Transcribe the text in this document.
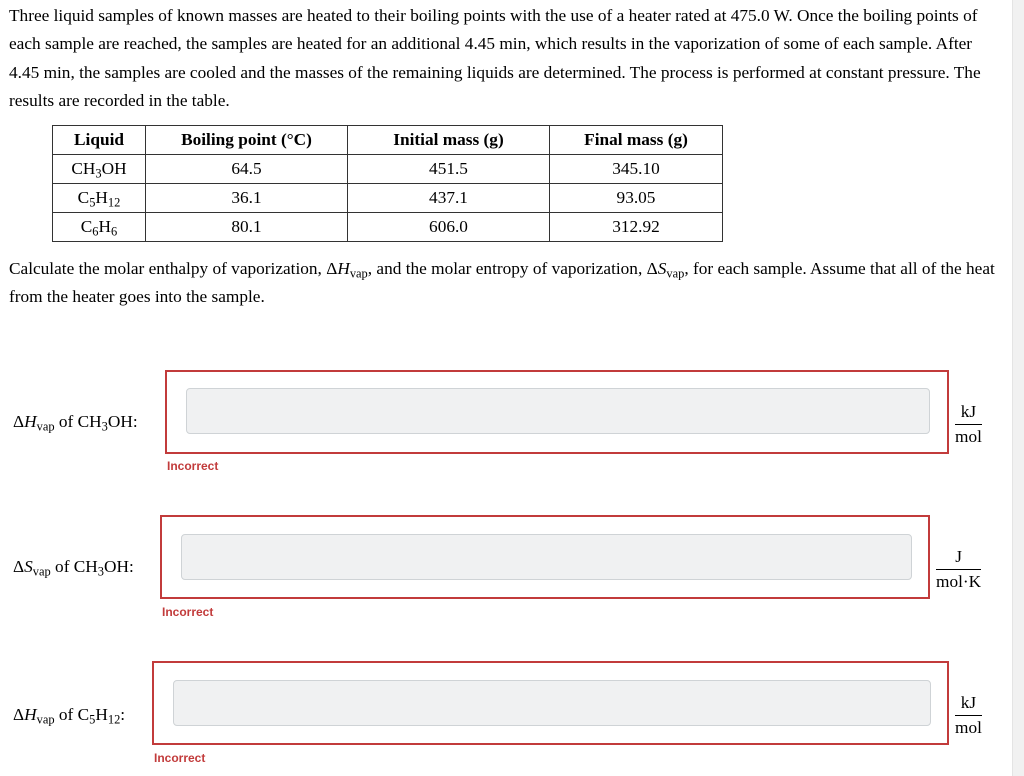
Three liquid samples of known masses are heated to their boiling points with the use of a heater rated at 475.0 W. Once the boiling points of each sample are reached, the samples are heated for an additional 4.45 min, which results in the vaporization of some of each sample. After 4.45 min, the samples are cooled and the masses of the remaining liquids are determined. The process is performed at constant pressure. The results are recorded in the table.

Liquid	Boiling point (°C)	Initial mass (g)	Final mass (g)
$CH_3OH$	64.5	451.5	345.10
$C_5H_{12}$	36.1	437.1	93.05
$C_6H_6$	80.1	606.0	312.92

Calculate the molar enthalpy of vaporization, $\Delta H_{vap}$, and the molar entropy of vaporization, $\Delta S_{vap}$, for each sample. Assume that all of the heat from the heater goes into the sample.

$\Delta H_{vap}$ of $CH_3OH$:
Incorrect
kJ
mol
$\Delta S_{vap}$ of $CH_3OH$:
Incorrect
J
mol·K
$\Delta H_{vap}$ of $C_5H_{12}$:
Incorrect
kJ
mol
